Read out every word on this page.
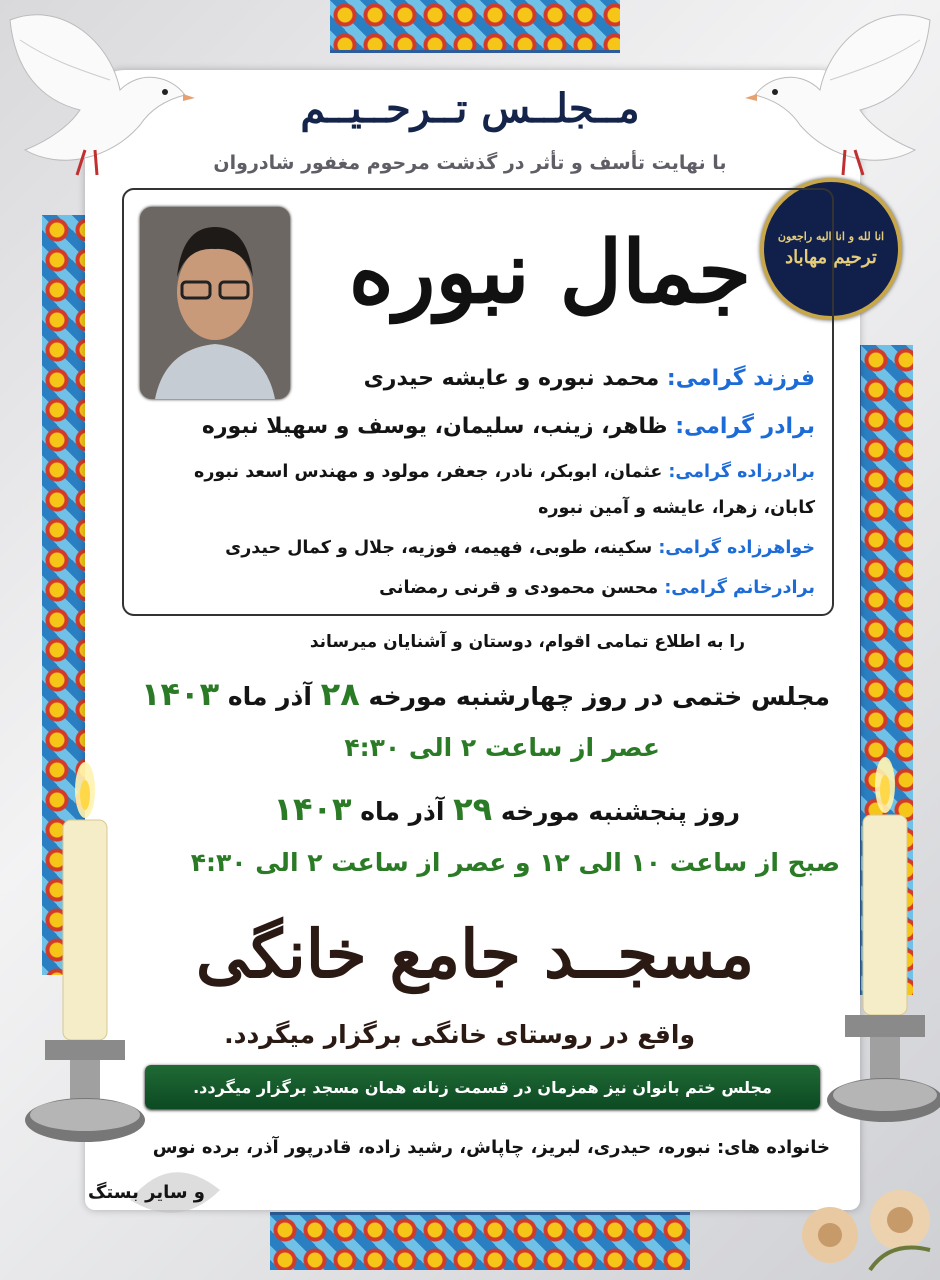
مــجلــس تــرحــيــم
با نهایت تأسف و تأثر در گذشت مرحوم مغفور شادروان
انا لله و انا الیه راجعون
ترحیم مهاباد
جمال نبوره
فرزند گرامی: محمد نبوره و عایشه حیدری
برادر گرامی: ظاهر، زینب، سلیمان، یوسف و سهیلا نبوره
برادرزاده گرامی: عثمان، ابوبکر، نادر، جعفر، مولود و مهندس اسعد نبوره
کابان، زهرا، عایشه و آمین نبوره
خواهرزاده گرامی: سکینه، طوبی، فهیمه، فوزیه، جلال و کمال حیدری
برادرخانم گرامی: محسن محمودی و قرنی رمضانی
را به اطلاع تمامی اقوام، دوستان و آشنایان میرساند
مجلس ختمی در روز چهارشنبه مورخه ۲۸ آذر ماه ۱۴۰۳
عصر از ساعت ۲ الی ۴:۳۰
روز پنجشنبه مورخه ۲۹ آذر ماه ۱۴۰۳
صبح از ساعت ۱۰ الی ۱۲ و عصر از ساعت ۲ الی ۴:۳۰
مسجــد جامع خانگی
واقع در روستای خانگی برگزار میگردد.
مجلس ختم بانوان نیز همزمان در قسمت زنانه همان مسجد برگزار میگردد.
خانواده های: نبوره، حیدری، لبریز، چاپاش، رشید زاده، قادرپور آذر، برده نوس
و سایر بستگ
